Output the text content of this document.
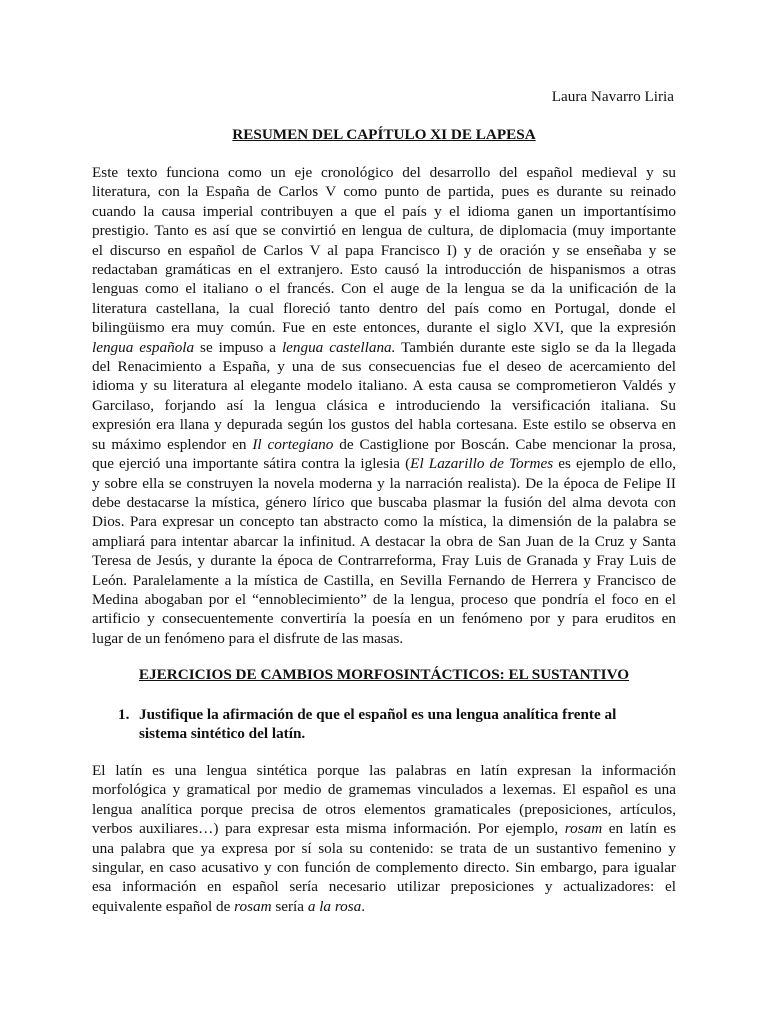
Laura Navarro Liria
RESUMEN DEL CAPÍTULO XI DE LAPESA

Este texto funciona como un eje cronológico del desarrollo del español medieval y su
literatura, con la España de Carlos V como punto de partida, pues es durante su reinado
cuando la causa imperial contribuyen a que el país y el idioma ganen un importantísimo
prestigio. Tanto es así que se convirtió en lengua de cultura, de diplomacia (muy importante
el discurso en español de Carlos V al papa Francisco I) y de oración y se enseñaba y se
redactaban gramáticas en el extranjero. Esto causó la introducción de hispanismos a otras
lenguas como el italiano o el francés. Con el auge de la lengua se da la unificación de la
literatura castellana, la cual floreció tanto dentro del país como en Portugal, donde el
bilingüismo era muy común. Fue en este entonces, durante el siglo XVI, que la expresión
lengua española se impuso a lengua castellana. También durante este siglo se da la llegada
del Renacimiento a España, y una de sus consecuencias fue el deseo de acercamiento del
idioma y su literatura al elegante modelo italiano. A esta causa se comprometieron Valdés y
Garcilaso, forjando así la lengua clásica e introduciendo la versificación italiana. Su
expresión era llana y depurada según los gustos del habla cortesana. Este estilo se observa en
su máximo esplendor en Il cortegiano de Castiglione por Boscán. Cabe mencionar la prosa,
que ejerció una importante sátira contra la iglesia (El Lazarillo de Tormes es ejemplo de ello,
y sobre ella se construyen la novela moderna y la narración realista). De la época de Felipe II
debe destacarse la mística, género lírico que buscaba plasmar la fusión del alma devota con
Dios. Para expresar un concepto tan abstracto como la mística, la dimensión de la palabra se
ampliará para intentar abarcar la infinitud. A destacar la obra de San Juan de la Cruz y Santa
Teresa de Jesús, y durante la época de Contrarreforma, Fray Luis de Granada y Fray Luis de
León. Paralelamente a la mística de Castilla, en Sevilla Fernando de Herrera y Francisco de
Medina abogaban por el “ennoblecimiento” de la lengua, proceso que pondría el foco en el
artificio y consecuentemente convertiría la poesía en un fenómeno por y para eruditos en
lugar de un fenómeno para el disfrute de las masas.

EJERCICIOS DE CAMBIOS MORFOSINTÁCTICOS: EL SUSTANTIVO
1. Justifique la afirmación de que el español es una lengua analítica frente al
sistema sintético del latín.

El latín es una lengua sintética porque las palabras en latín expresan la información
morfológica y gramatical por medio de gramemas vinculados a lexemas. El español es una
lengua analítica porque precisa de otros elementos gramaticales (preposiciones, artículos,
verbos auxiliares…) para expresar esta misma información. Por ejemplo, rosam en latín es
una palabra que ya expresa por sí sola su contenido: se trata de un sustantivo femenino y
singular, en caso acusativo y con función de complemento directo. Sin embargo, para igualar
esa información en español sería necesario utilizar preposiciones y actualizadores: el
equivalente español de rosam sería a la rosa.
